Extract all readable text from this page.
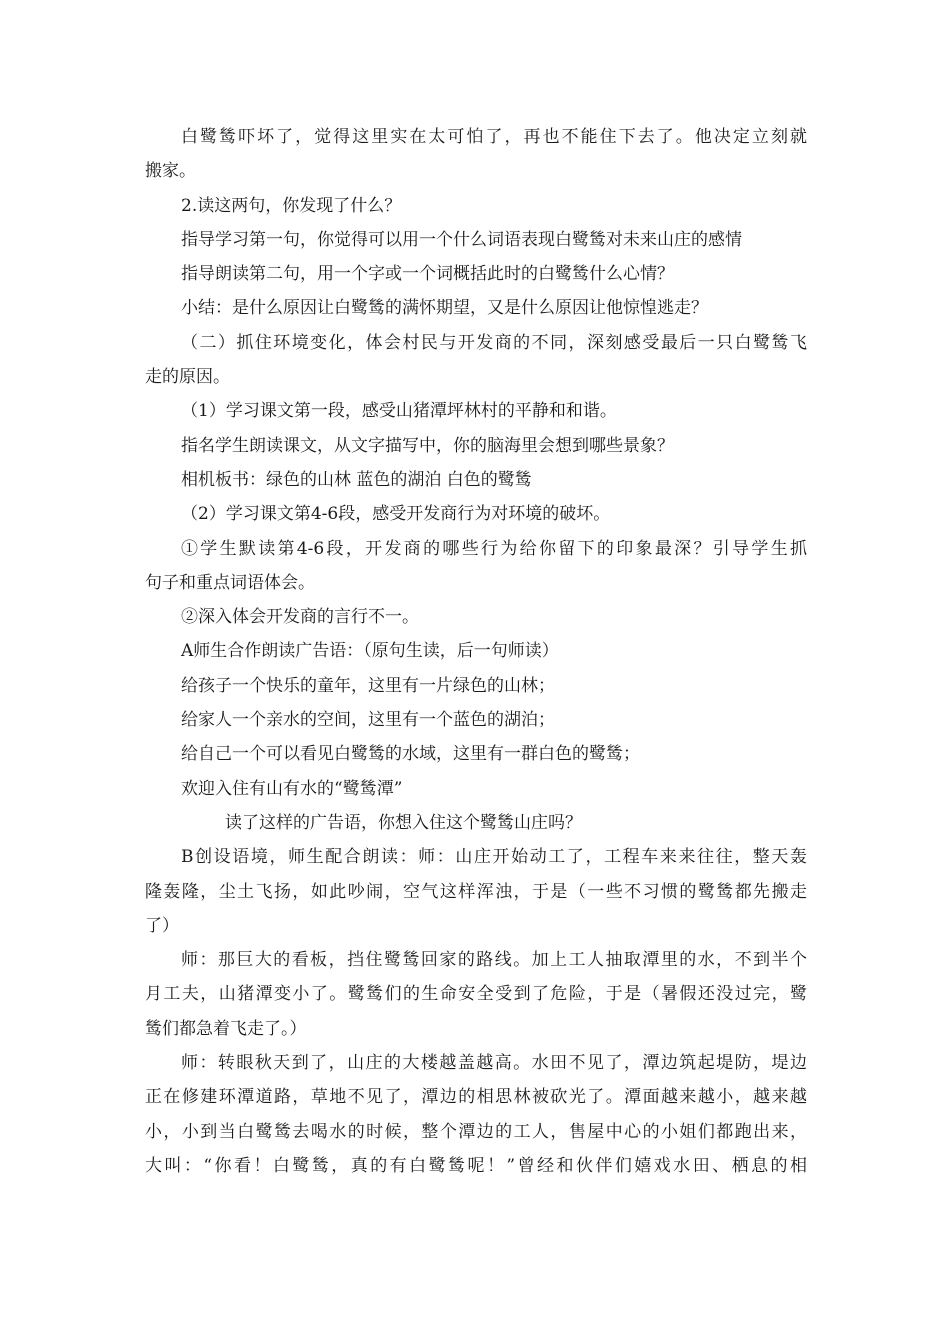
白鹭鸶吓坏了，觉得这里实在太可怕了，再也不能住下去了。他决定立刻就
搬家。
2.读这两句，你发现了什么？
指导学习第一句，你觉得可以用一个什么词语表现白鹭鸶对未来山庄的感情
指导朗读第二句，用一个字或一个词概括此时的白鹭鸶什么心情？
小结：是什么原因让白鹭鸶的满怀期望，又是什么原因让他惊惶逃走？
（二）抓住环境变化，体会村民与开发商的不同，深刻感受最后一只白鹭鸶飞
走的原因。
（1）学习课文第一段，感受山猪潭坪林村的平静和和谐。
指名学生朗读课文，从文字描写中，你的脑海里会想到哪些景象？
相机板书：绿色的山林 蓝色的湖泊 白色的鹭鸶
（2）学习课文第4-6段，感受开发商行为对环境的破坏。
①学生默读第4-6段，开发商的哪些行为给你留下的印象最深？引导学生抓
句子和重点词语体会。
②深入体会开发商的言行不一。
A师生合作朗读广告语：（原句生读，后一句师读）
给孩子一个快乐的童年，这里有一片绿色的山林；
给家人一个亲水的空间，这里有一个蓝色的湖泊；
给自己一个可以看见白鹭鸶的水域，这里有一群白色的鹭鸶；
欢迎入住有山有水的“鹭鸶潭”
读了这样的广告语，你想入住这个鹭鸶山庄吗？
B创设语境，师生配合朗读：师：山庄开始动工了，工程车来来往往，整天轰
隆轰隆，尘土飞扬，如此吵闹，空气这样浑浊，于是（一些不习惯的鹭鸶都先搬走
了）
师：那巨大的看板，挡住鹭鸶回家的路线。加上工人抽取潭里的水，不到半个
月工夫，山猪潭变小了。鹭鸶们的生命安全受到了危险，于是（暑假还没过完，鹭
鸶们都急着飞走了。）
师：转眼秋天到了，山庄的大楼越盖越高。水田不见了，潭边筑起堤防，堤边
正在修建环潭道路，草地不见了，潭边的相思林被砍光了。潭面越来越小，越来越
小，小到当白鹭鸶去喝水的时候，整个潭边的工人，售屋中心的小姐们都跑出来，
大叫：“你看！白鹭鸶，真的有白鹭鸶呢！”曾经和伙伴们嬉戏水田、栖息的相
